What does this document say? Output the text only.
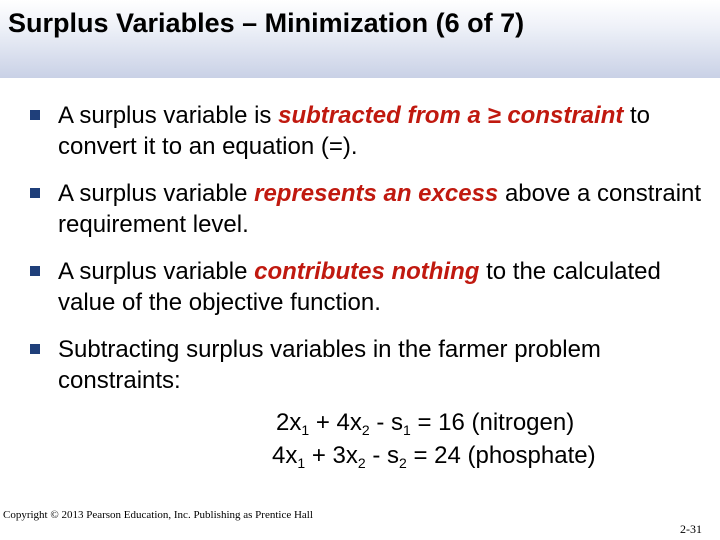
Surplus Variables – Minimization (6 of 7)
A surplus variable is subtracted from a ≥ constraint to convert it to an equation (=).
A surplus variable represents an excess above a constraint requirement level.
A surplus variable contributes nothing to the calculated value of the objective function.
Subtracting surplus variables in the farmer problem constraints:
$2x_1 + 4x_2 - s_1 = 16$ (nitrogen)
$4x_1 + 3x_2 - s_2 = 24$ (phosphate)
Copyright © 2013 Pearson Education, Inc. Publishing as Prentice Hall
2-31
